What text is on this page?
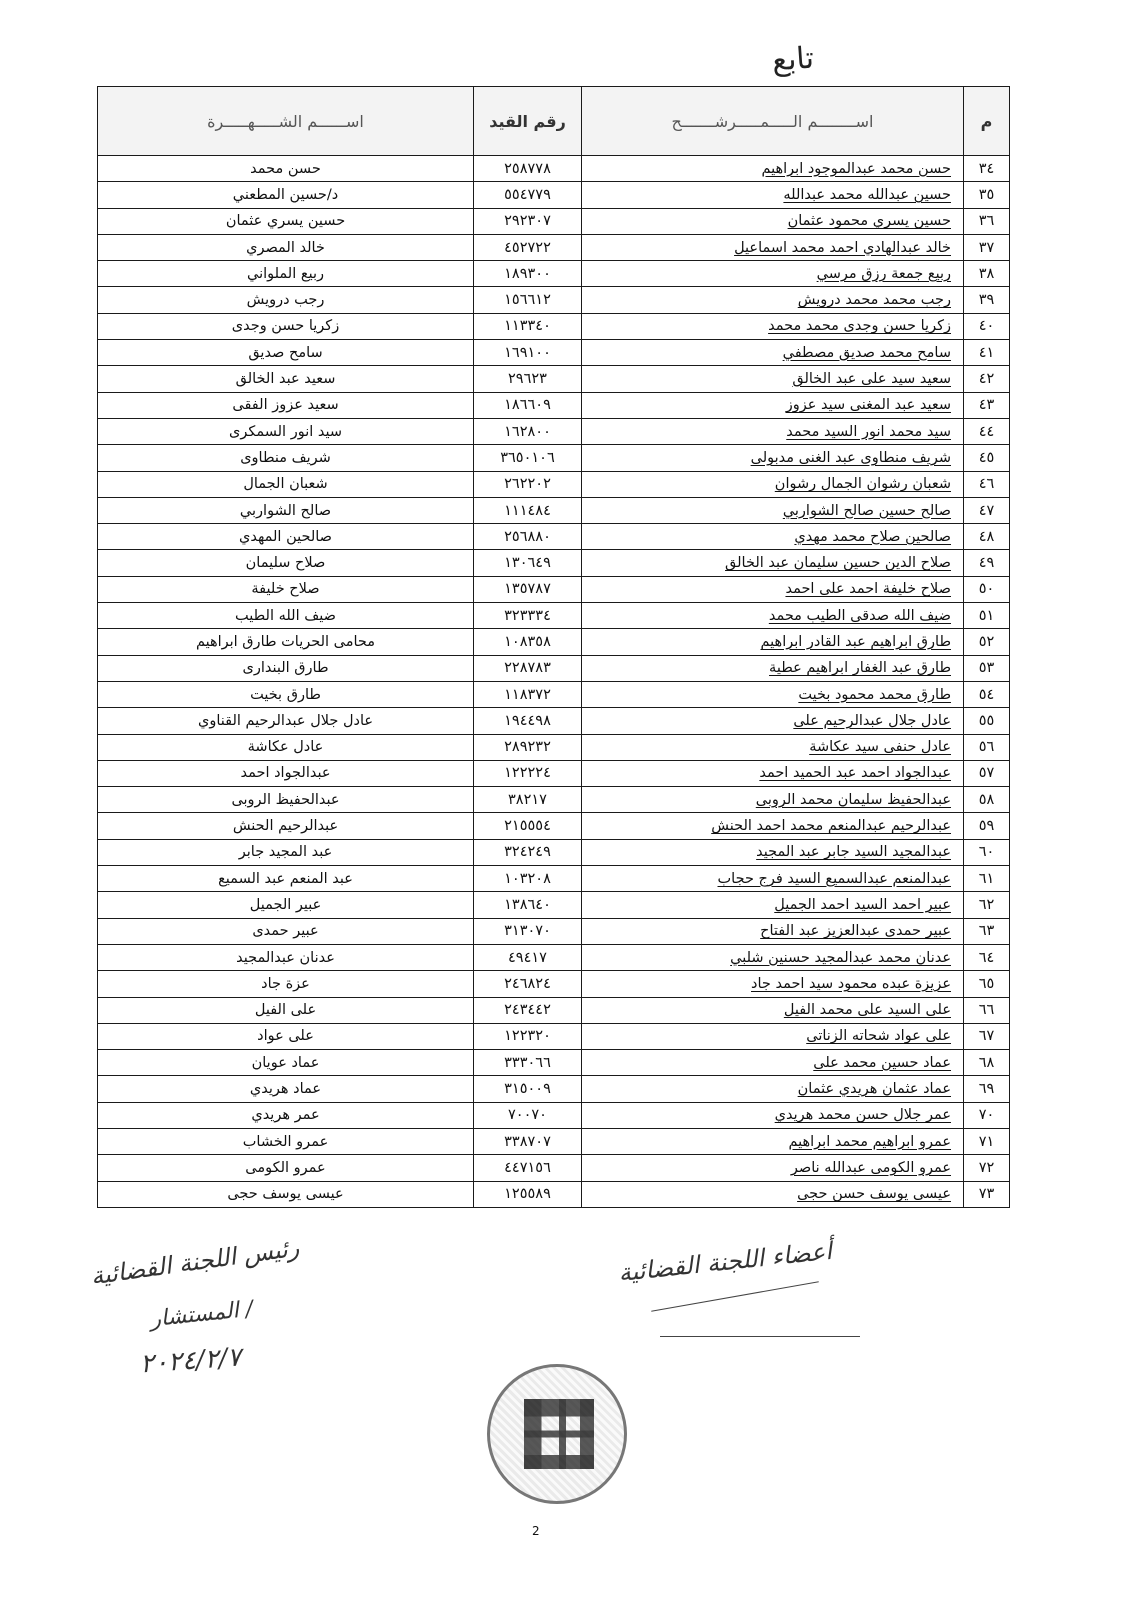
تابع
م	اســــــــم الـــــمـــــرشـــــــح	رقم القيد	اســــــم الشـــــهـــــرة
٣٤	حسن محمد عبدالموجود ابراهيم	٢٥٨٧٧٨	حسن محمد
٣٥	حسين عبدالله محمد عبدالله	٥٥٤٧٧٩	د/حسين المطعني
٣٦	حسين يسري محمود عثمان	٢٩٢٣٠٧	حسين يسري عثمان
٣٧	خالد عبدالهادي احمد محمد اسماعيل	٤٥٢٧٢٢	خالد المصري
٣٨	ربيع جمعة رزق مرسي	١٨٩٣٠٠	ربيع الملواني
٣٩	رجب محمد محمد درويش	١٥٦٦١٢	رجب درويش
٤٠	زكريا حسن وجدى محمد محمد	١١٣٣٤٠	زكريا حسن وجدى
٤١	سامح محمد صديق مصطفي	١٦٩١٠٠	سامح صديق
٤٢	سعيد سيد على عبد الخالق	٢٩٦٢٣	سعيد عبد الخالق
٤٣	سعيد عبد المغنى سيد عزوز	١٨٦٦٠٩	سعيد عزوز الفقى
٤٤	سيد محمد انور السيد محمد	١٦٢٨٠٠	سيد انور السمكرى
٤٥	شريف منطاوى عبد الغنى مدبولى	٣٦٥٠١٠٦	شريف منطاوى
٤٦	شعبان رشوان الجمال رشوان	٢٦٢٢٠٢	شعبان الجمال
٤٧	صالح حسين صالح الشواربي	١١١٤٨٤	صالح الشواربي
٤٨	صالحين صلاح محمد مهدي	٢٥٦٨٨٠	صالحين المهدي
٤٩	صلاح الدين حسين سليمان عبد الخالق	١٣٠٦٤٩	صلاح سليمان
٥٠	صلاح خليفة احمد على احمد	١٣٥٧٨٧	صلاح خليفة
٥١	ضيف الله صدقى الطيب محمد	٣٢٣٣٣٤	ضيف الله الطيب
٥٢	طارق ابراهيم عبد القادر ابراهيم	١٠٨٣٥٨	محامى الحريات طارق ابراهيم
٥٣	طارق عبد الغفار ابراهيم عطية	٢٢٨٧٨٣	طارق البندارى
٥٤	طارق محمد محمود بخيت	١١٨٣٧٢	طارق بخيت
٥٥	عادل جلال عبدالرحيم على	١٩٤٤٩٨	عادل جلال عبدالرحيم القناوي
٥٦	عادل حنفى سيد عكاشة	٢٨٩٢٣٢	عادل عكاشة
٥٧	عبدالجواد احمد عبد الحميد احمد	١٢٢٢٢٤	عبدالجواد احمد
٥٨	عبدالحفيظ سليمان محمد الروبى	٣٨٢١٧	عبدالحفيظ الروبى
٥٩	عبدالرحيم عبدالمنعم محمد احمد الحنش	٢١٥٥٥٤	عبدالرحيم الحنش
٦٠	عبدالمجيد السيد جابر عبد المجيد	٣٢٤٢٤٩	عبد المجيد جابر
٦١	عبدالمنعم عبدالسميع السيد فرج حجاب	١٠٣٢٠٨	عبد المنعم عبد السميع
٦٢	عبير احمد السيد احمد الجميل	١٣٨٦٤٠	عبير الجميل
٦٣	عبير حمدى عبدالعزيز عبد الفتاح	٣١٣٠٧٠	عبير حمدى
٦٤	عدنان محمد عبدالمجيد حسنين شلبي	٤٩٤١٧	عدنان عبدالمجيد
٦٥	عزيزة عبده محمود سيد احمد جاد	٢٤٦٨٢٤	عزة جاد
٦٦	على السيد على محمد الفيل	٢٤٣٤٤٢	على الفيل
٦٧	على عواد شحاته الزناتى	١٢٢٣٢٠	على عواد
٦٨	عماد حسين محمد على	٣٣٣٠٦٦	عماد عويان
٦٩	عماد عثمان هريدي عثمان	٣١٥٠٠٩	عماد هريدي
٧٠	عمر جلال حسن محمد هريدي	٧٠٠٧٠	عمر هريدي
٧١	عمرو ابراهيم محمد ابراهيم	٣٣٨٧٠٧	عمرو الخشاب
٧٢	عمرو الكومى عبدالله ناصر	٤٤٧١٥٦	عمرو الكومى
٧٣	عيسى يوسف حسن حجى	١٢٥٥٨٩	عيسى يوسف حجى
رئيس اللجنة القضائية
المستشار /
٢٠٢٤/٢/٧
أعضاء اللجنة القضائية
2
